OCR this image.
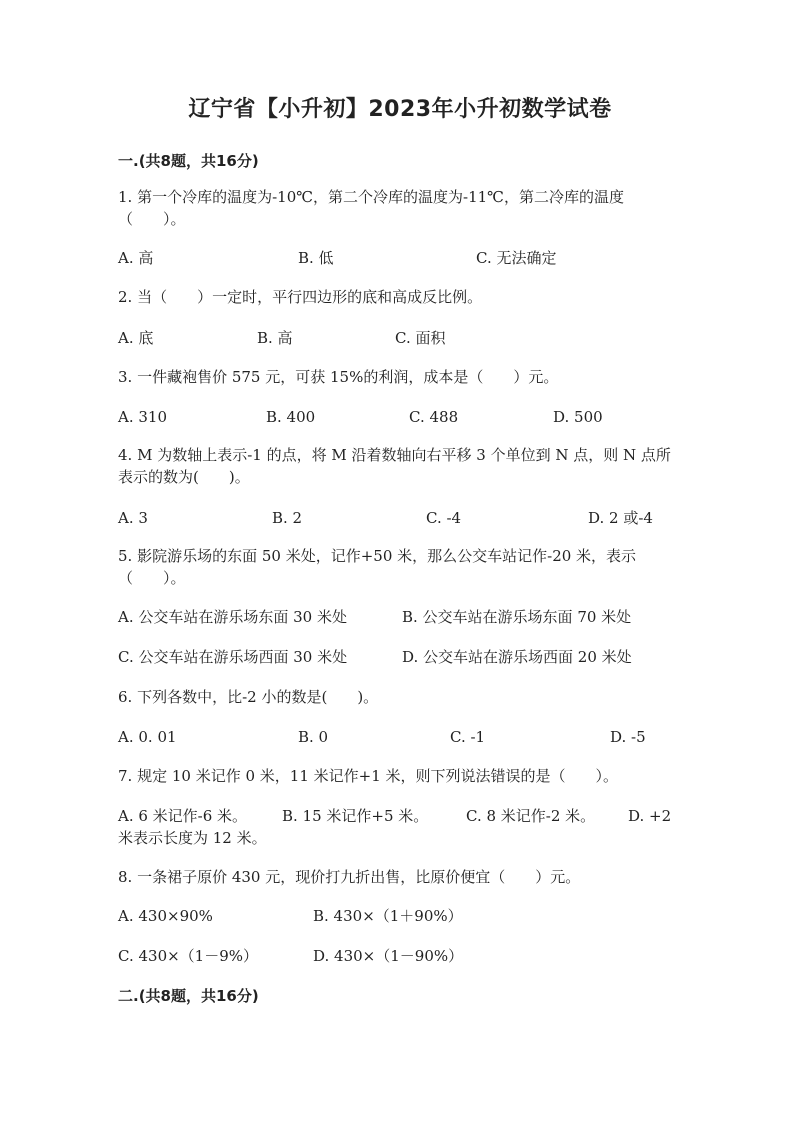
辽宁省【小升初】2023年小升初数学试卷
一.(共8题，共16分)
1. 第一个冷库的温度为-10℃，第二个冷库的温度为-11℃，第二冷库的温度（　　）。
A. 高	B. 低	C. 无法确定
2. 当（　　）一定时，平行四边形的底和高成反比例。
A. 底	B. 高	C. 面积
3. 一件藏袍售价 575 元，可获 15%的利润，成本是（　　）元。
A. 310	B. 400	C. 488	D. 500
4. M 为数轴上表示-1 的点，将 M 沿着数轴向右平移 3 个单位到 N 点，则 N 点所表示的数为(　　)。
A. 3	B. 2	C. -4	D. 2 或-4
5. 影院游乐场的东面 50 米处，记作+50 米，那么公交车站记作-20 米，表示（　　）。
A. 公交车站在游乐场东面 30 米处	B. 公交车站在游乐场东面 70 米处
C. 公交车站在游乐场西面 30 米处	D. 公交车站在游乐场西面 20 米处
6. 下列各数中，比-2 小的数是(　　)。
A. 0. 01	B. 0	C. -1	D. -5
7. 规定 10 米记作 0 米，11 米记作+1 米，则下列说法错误的是（　　）。
A. 6 米记作-6 米。 B. 15 米记作+5 米。	C. 8 米记作-2 米。 D. +2
米表示长度为 12 米。
8. 一条裙子原价 430 元，现价打九折出售，比原价便宜（　　）元。
A. 430×90%	B. 430×（1＋90%）
C. 430×（1－9%）	D. 430×（1－90%）
二.(共8题，共16分)
